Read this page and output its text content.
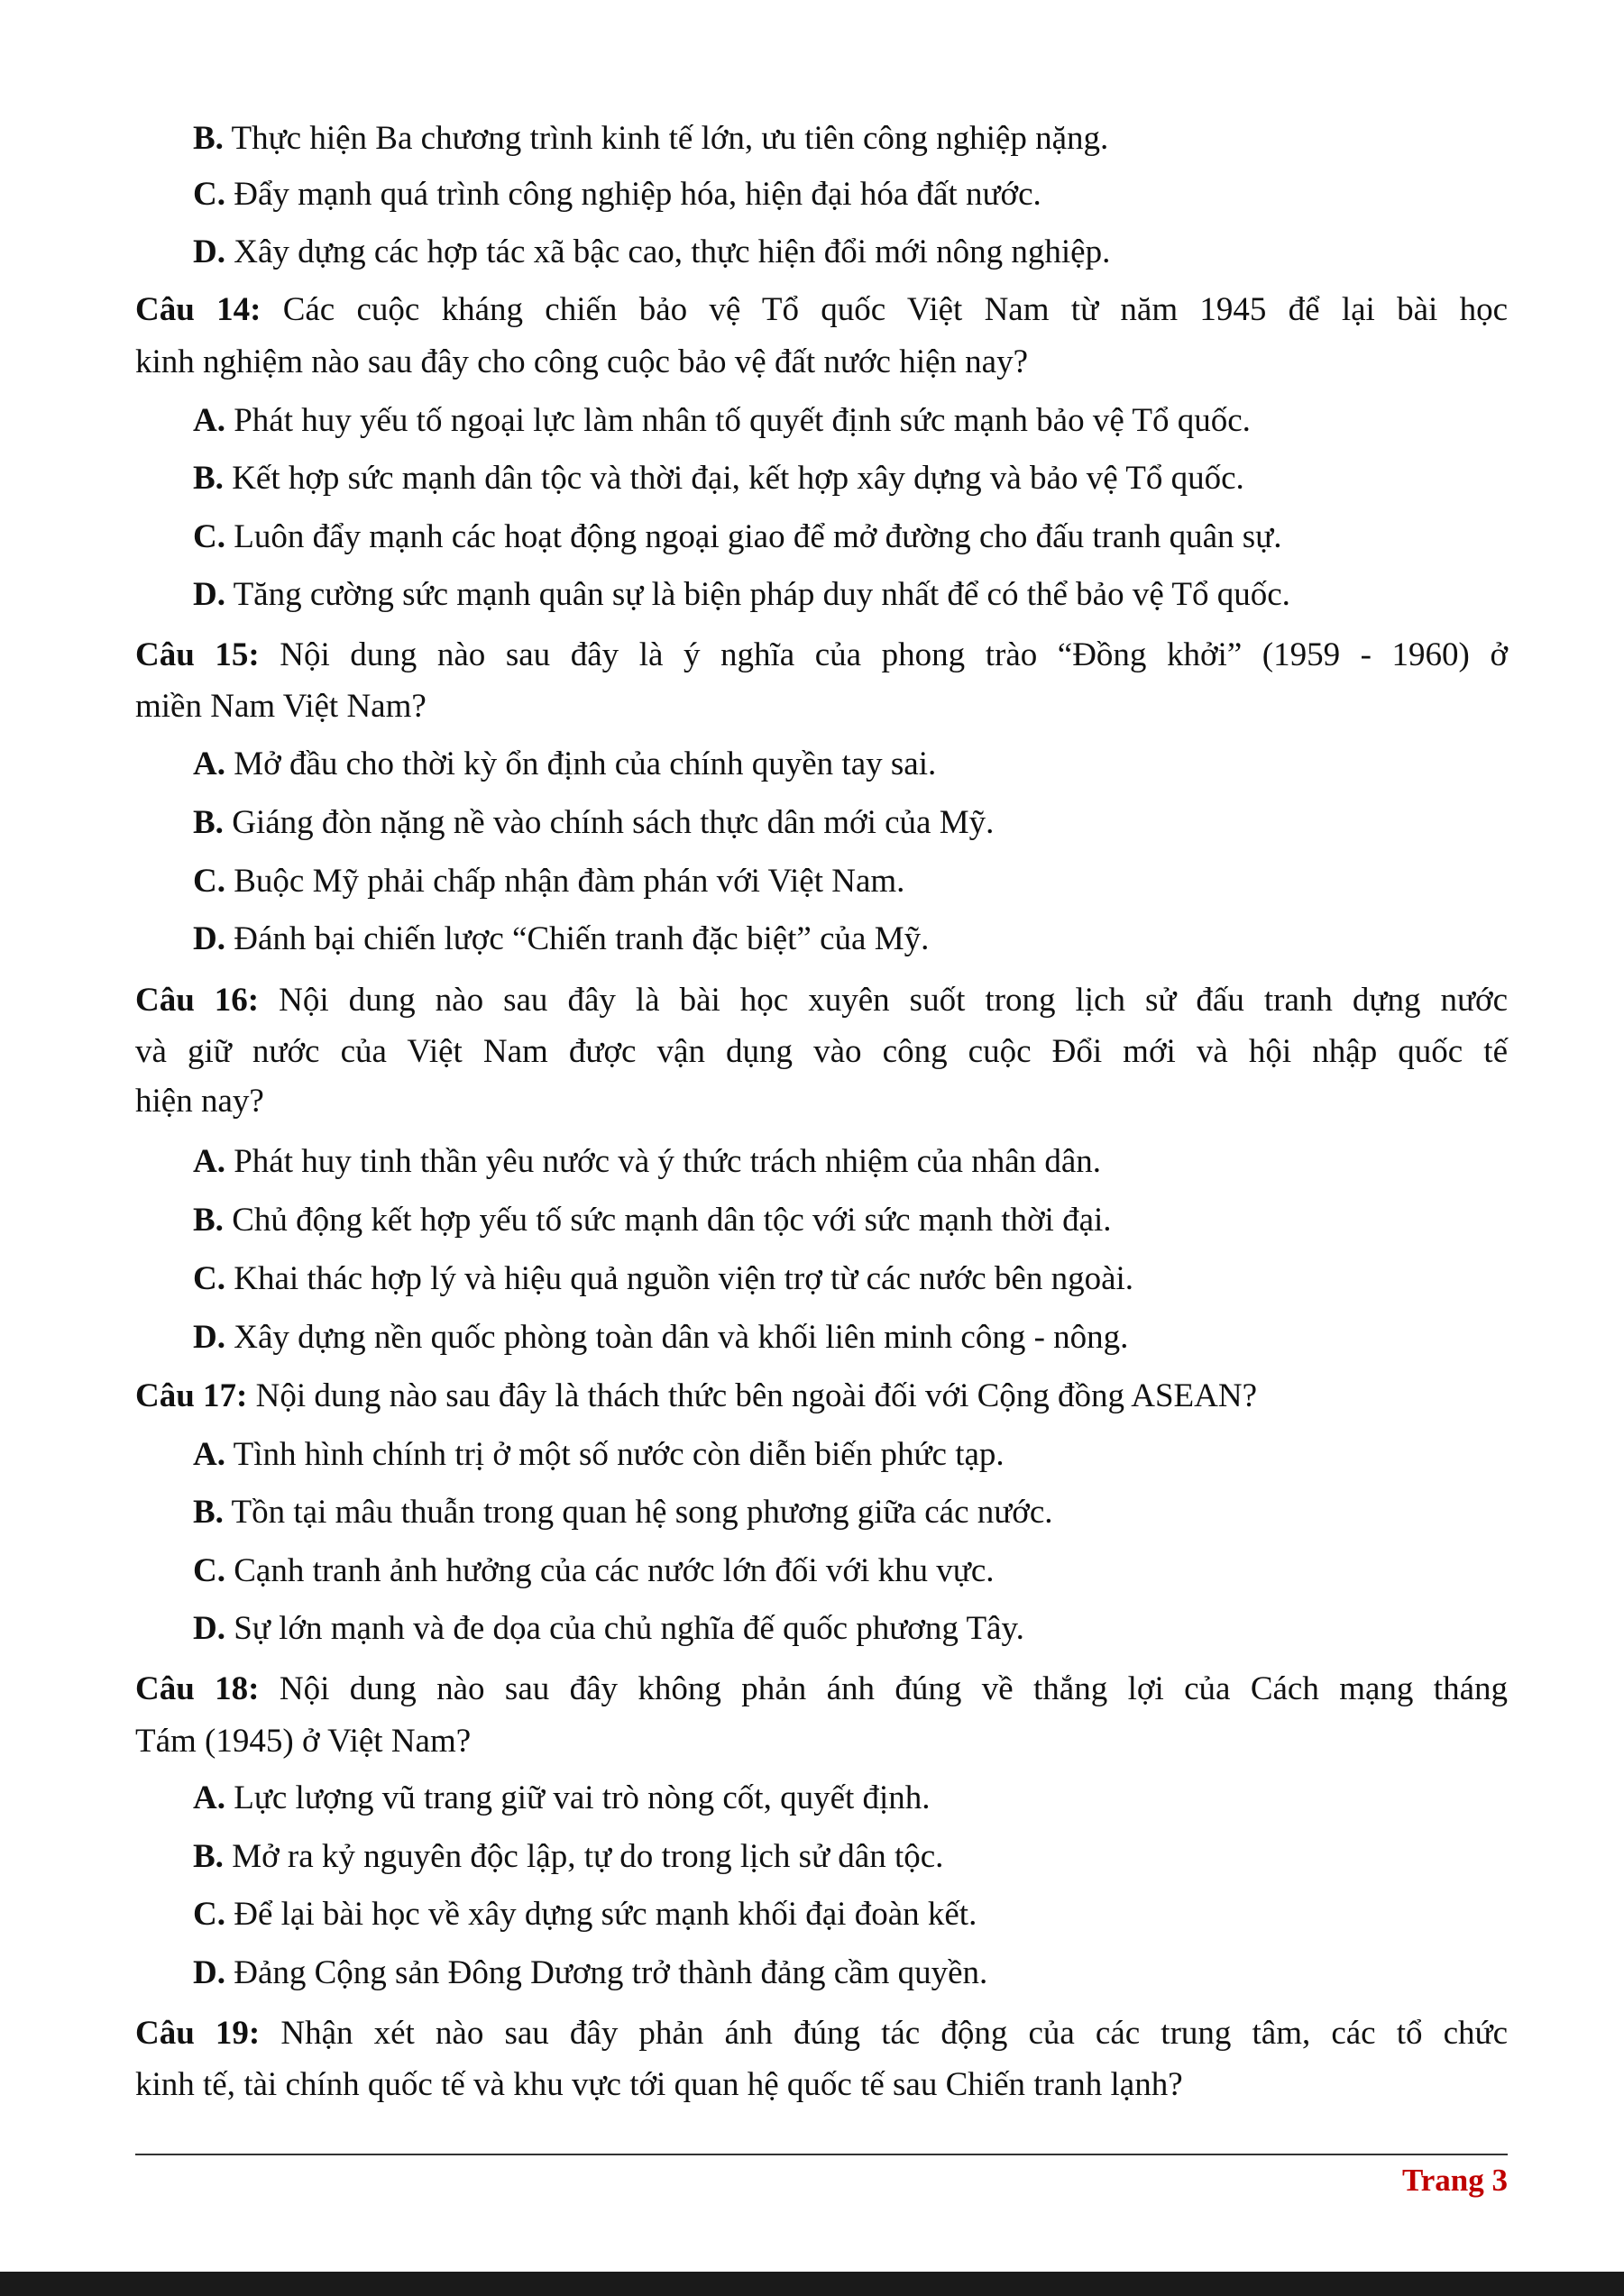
B. Thực hiện Ba chương trình kinh tế lớn, ưu tiên công nghiệp nặng.
C. Đẩy mạnh quá trình công nghiệp hóa, hiện đại hóa đất nước.
D. Xây dựng các hợp tác xã bậc cao, thực hiện đổi mới nông nghiệp.
Câu 14: Các cuộc kháng chiến bảo vệ Tổ quốc Việt Nam từ năm 1945 để lại bài học
kinh nghiệm nào sau đây cho công cuộc bảo vệ đất nước hiện nay?
A. Phát huy yếu tố ngoại lực làm nhân tố quyết định sức mạnh bảo vệ Tổ quốc.
B. Kết hợp sức mạnh dân tộc và thời đại, kết hợp xây dựng và bảo vệ Tổ quốc.
C. Luôn đẩy mạnh các hoạt động ngoại giao để mở đường cho đấu tranh quân sự.
D. Tăng cường sức mạnh quân sự là biện pháp duy nhất để có thể bảo vệ Tổ quốc.
Câu 15: Nội dung nào sau đây là ý nghĩa của phong trào “Đồng khởi” (1959 - 1960) ở
miền Nam Việt Nam?
A. Mở đầu cho thời kỳ ổn định của chính quyền tay sai.
B. Giáng đòn nặng nề vào chính sách thực dân mới của Mỹ.
C. Buộc Mỹ phải chấp nhận đàm phán với Việt Nam.
D. Đánh bại chiến lược “Chiến tranh đặc biệt” của Mỹ.
Câu 16: Nội dung nào sau đây là bài học xuyên suốt trong lịch sử đấu tranh dựng nước
và giữ nước của Việt Nam được vận dụng vào công cuộc Đổi mới và hội nhập quốc tế
hiện nay?
A. Phát huy tinh thần yêu nước và ý thức trách nhiệm của nhân dân.
B. Chủ động kết hợp yếu tố sức mạnh dân tộc với sức mạnh thời đại.
C. Khai thác hợp lý và hiệu quả nguồn viện trợ từ các nước bên ngoài.
D. Xây dựng nền quốc phòng toàn dân và khối liên minh công - nông.
Câu 17: Nội dung nào sau đây là thách thức bên ngoài đối với Cộng đồng ASEAN?
A. Tình hình chính trị ở một số nước còn diễn biến phức tạp.
B. Tồn tại mâu thuẫn trong quan hệ song phương giữa các nước.
C. Cạnh tranh ảnh hưởng của các nước lớn đối với khu vực.
D. Sự lớn mạnh và đe dọa của chủ nghĩa đế quốc phương Tây.
Câu 18: Nội dung nào sau đây không phản ánh đúng về thắng lợi của Cách mạng tháng
Tám (1945) ở Việt Nam?
A. Lực lượng vũ trang giữ vai trò nòng cốt, quyết định.
B. Mở ra kỷ nguyên độc lập, tự do trong lịch sử dân tộc.
C. Để lại bài học về xây dựng sức mạnh khối đại đoàn kết.
D. Đảng Cộng sản Đông Dương trở thành đảng cầm quyền.
Câu 19: Nhận xét nào sau đây phản ánh đúng tác động của các trung tâm, các tổ chức
kinh tế, tài chính quốc tế và khu vực tới quan hệ quốc tế sau Chiến tranh lạnh?
Trang 3
